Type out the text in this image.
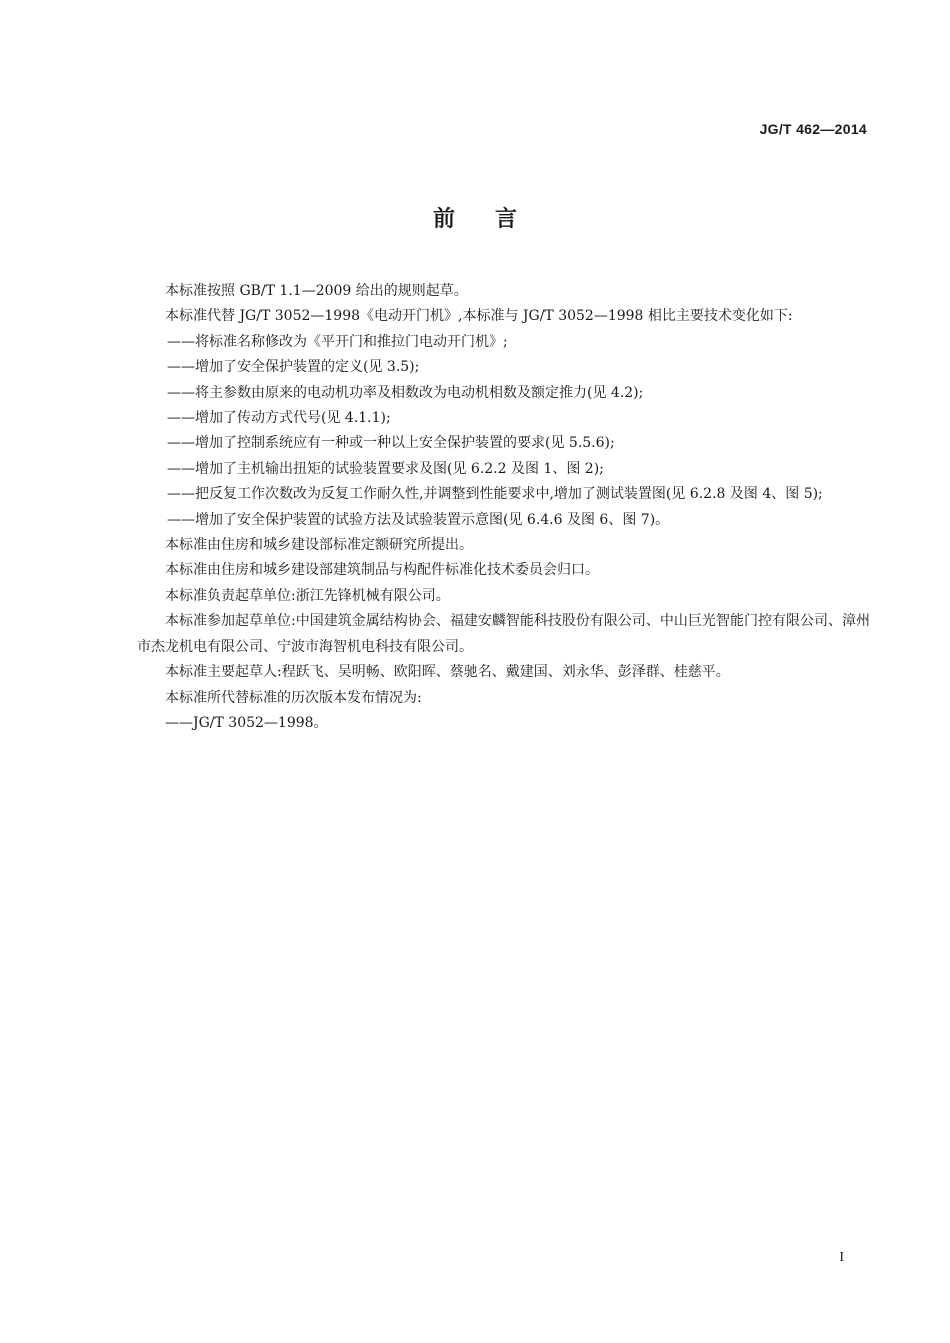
JG/T 462—2014
前言
本标准按照 GB/T 1.1—2009 给出的规则起草。
本标准代替 JG/T 3052—1998《电动开门机》,本标准与 JG/T 3052—1998 相比主要技术变化如下:
——将标准名称修改为《平开门和推拉门电动开门机》;
——增加了安全保护装置的定义(见 3.5);
——将主参数由原来的电动机功率及相数改为电动机相数及额定推力(见 4.2);
——增加了传动方式代号(见 4.1.1);
——增加了控制系统应有一种或一种以上安全保护装置的要求(见 5.5.6);
——增加了主机输出扭矩的试验装置要求及图(见 6.2.2 及图 1、图 2);
——把反复工作次数改为反复工作耐久性,并调整到性能要求中,增加了测试装置图(见 6.2.8 及图 4、图 5);
——增加了安全保护装置的试验方法及试验装置示意图(见 6.4.6 及图 6、图 7)。
本标准由住房和城乡建设部标准定额研究所提出。
本标准由住房和城乡建设部建筑制品与构配件标准化技术委员会归口。
本标准负责起草单位:浙江先锋机械有限公司。
本标准参加起草单位:中国建筑金属结构协会、福建安麟智能科技股份有限公司、中山巨光智能门控有限公司、漳州市杰龙机电有限公司、宁波市海智机电科技有限公司。
本标准主要起草人:程跃飞、吴明畅、欧阳晖、蔡驰名、戴建国、刘永华、彭泽群、桂慈平。
本标准所代替标准的历次版本发布情况为:
——JG/T 3052—1998。
I
